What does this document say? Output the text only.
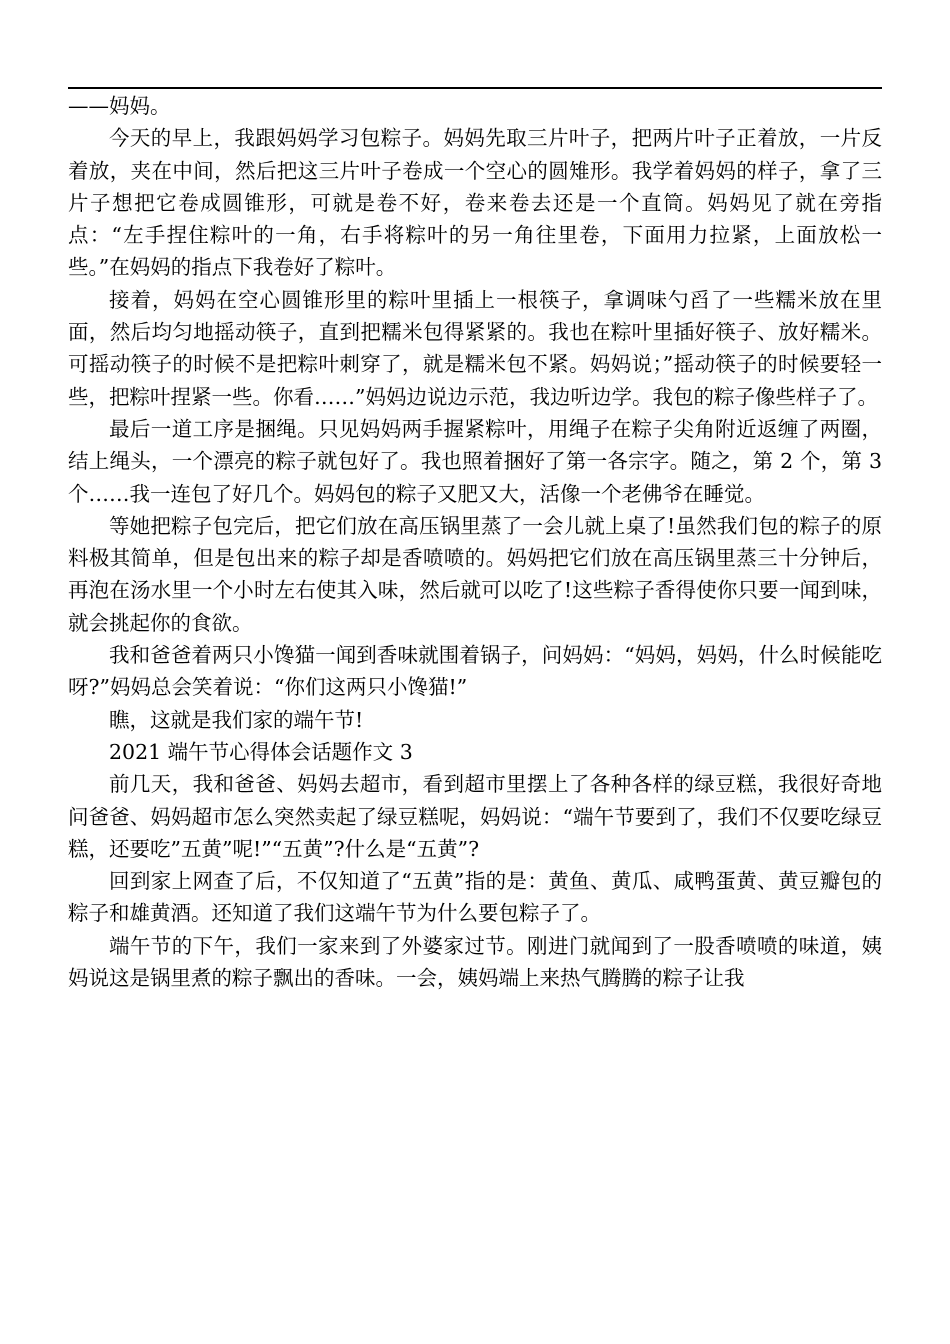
——妈妈。

今天的早上，我跟妈妈学习包粽子。妈妈先取三片叶子，把两片叶子正着放，一片反着放，夹在中间，然后把这三片叶子卷成一个空心的圆雉形。我学着妈妈的样子，拿了三片子想把它卷成圆锥形，可就是卷不好，卷来卷去还是一个直筒。妈妈见了就在旁指点：“左手捏住粽叶的一角，右手将粽叶的另一角往里卷，下面用力拉紧，上面放松一些。”在妈妈的指点下我卷好了粽叶。

接着，妈妈在空心圆锥形里的粽叶里插上一根筷子，拿调味勺舀了一些糯米放在里面，然后均匀地摇动筷子，直到把糯米包得紧紧的。我也在粽叶里插好筷子、放好糯米。可摇动筷子的时候不是把粽叶刺穿了，就是糯米包不紧。妈妈说；”摇动筷子的时候要轻一些，把粽叶捏紧一些。你看……”妈妈边说边示范，我边听边学。我包的粽子像些样子了。

最后一道工序是捆绳。只见妈妈两手握紧粽叶，用绳子在粽子尖角附近返缠了两圈，结上绳头，一个漂亮的粽子就包好了。我也照着捆好了第一各宗字。随之，第 2 个，第 3 个……我一连包了好几个。妈妈包的粽子又肥又大，活像一个老佛爷在睡觉。

等她把粽子包完后，把它们放在高压锅里蒸了一会儿就上桌了!虽然我们包的粽子的原料极其简单，但是包出来的粽子却是香喷喷的。妈妈把它们放在高压锅里蒸三十分钟后，再泡在汤水里一个小时左右使其入味，然后就可以吃了!这些粽子香得使你只要一闻到味，就会挑起你的食欲。

我和爸爸着两只小馋猫一闻到香味就围着锅子，问妈妈：“妈妈，妈妈，什么时候能吃呀?”妈妈总会笑着说：“你们这两只小馋猫!”

瞧，这就是我们家的端午节!

2021 端午节心得体会话题作文 3

前几天，我和爸爸、妈妈去超市，看到超市里摆上了各种各样的绿豆糕，我很好奇地问爸爸、妈妈超市怎么突然卖起了绿豆糕呢，妈妈说：“端午节要到了，我们不仅要吃绿豆糕，还要吃”五黄”呢!”“五黄”?什么是“五黄”?

回到家上网查了后，不仅知道了“五黄”指的是：黄鱼、黄瓜、咸鸭蛋黄、黄豆瓣包的粽子和雄黄酒。还知道了我们这端午节为什么要包粽子了。

端午节的下午，我们一家来到了外婆家过节。刚进门就闻到了一股香喷喷的味道，姨妈说这是锅里煮的粽子飘出的香味。一会，姨妈端上来热气腾腾的粽子让我
